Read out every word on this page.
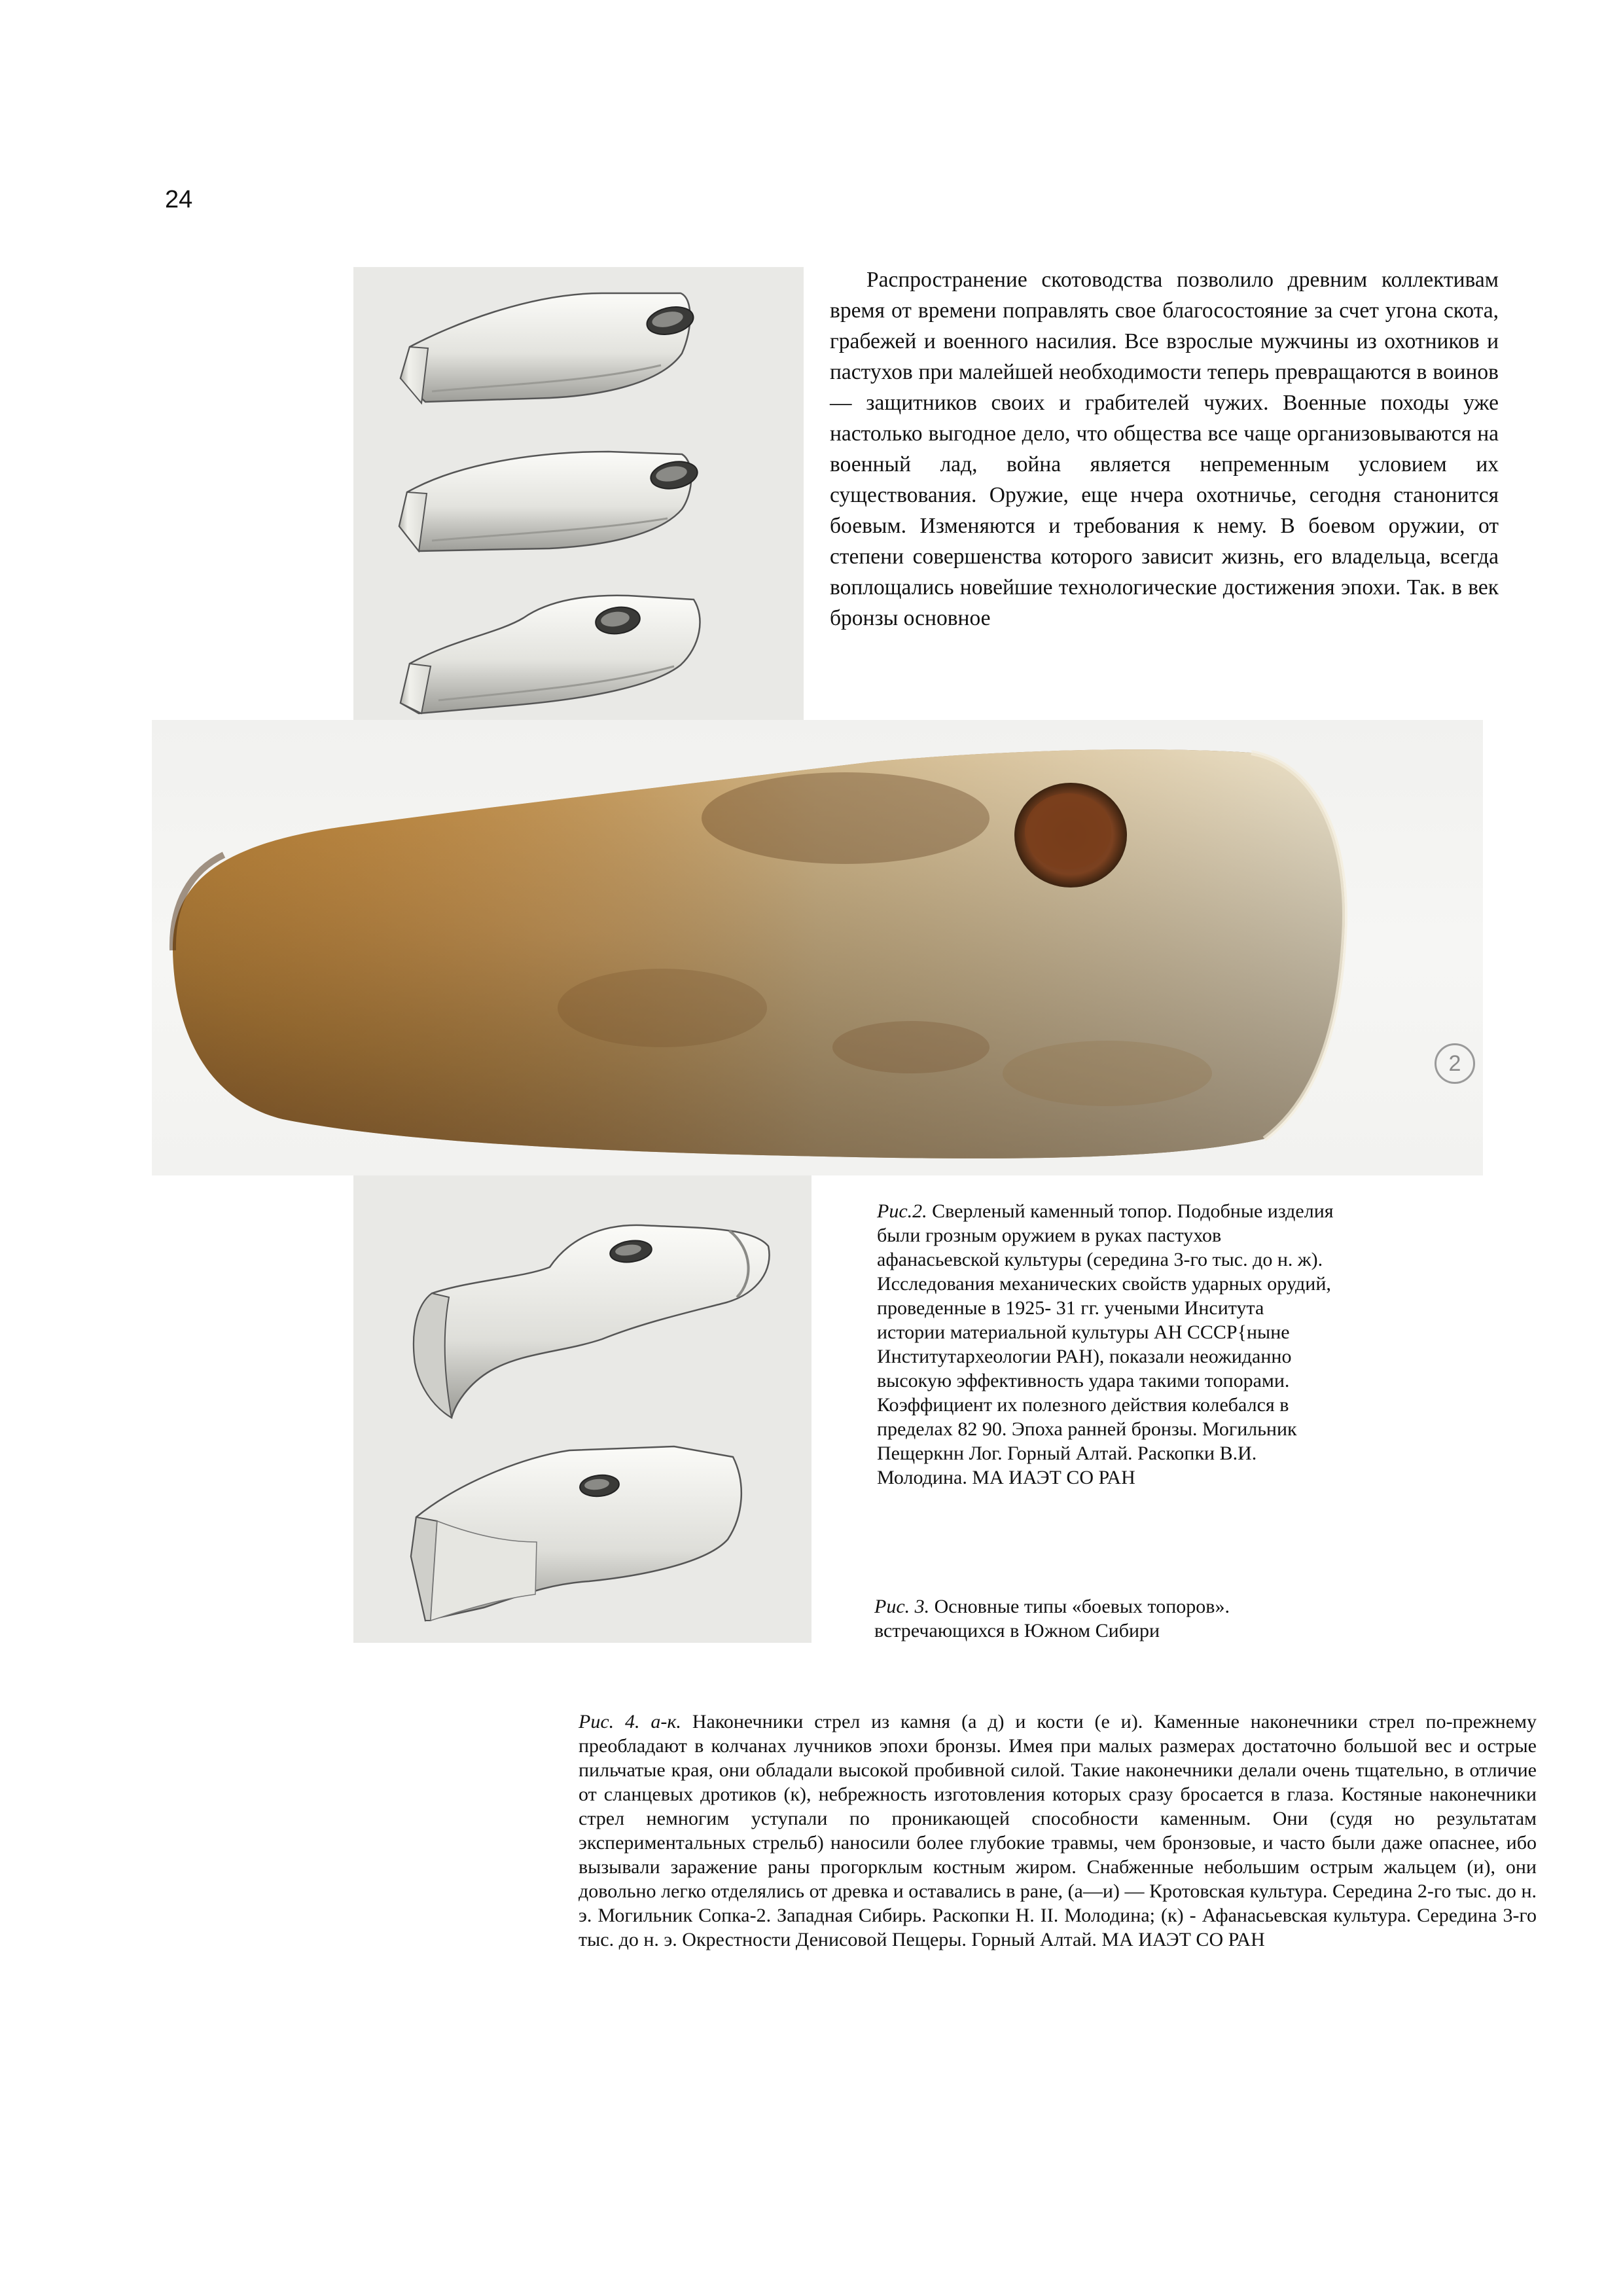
24

Распространение скотоводства позволило древним коллективам время от времени поправлять свое благосостояние за счет угона скота, грабежей и военного насилия. Все взрослые мужчины из охотников и пастухов при малейшей необходимости теперь превращаются в воинов — защитников своих и грабителей чужих. Военные походы уже настолько выгодное дело, что общества все чаще организовываются на военный лад, война является непременным условием их существования. Оружие, еще нчера охотничье, сегодня станонится боевым. Изменяются и требования к нему. В боевом оружии, от степени совершенства которого зависит жизнь, его владельца, всегда воплощались новейшие технологические достижения эпохи. Так. в век бронзы основное

2

Рис.2. Сверленый каменный топор. Подобные изделия были грозным оружием в руках пастухов афанасьевской культуры (середина 3-го тыс. до н. ж). Исследования механических свойств ударных орудий, проведенные в 1925- 31 гг. учеными Инситута истории материальной культуры АН СССР{ныне Институтархеологии РАН), показали неожиданно высокую эффективность удара такими топорами. Коэффициент их полезного действия колебался в пределах 82 90. Эпоха ранней бронзы. Могильник Пещеркнн Лог. Горный Алтай. Раскопки В.И. Молодина. МА ИАЭТ СО РАН

Рис. 3. Основные типы «боевых топоров». встречающихся в Южном Сибири

Рис. 4. а-к. Наконечники стрел из камня (а д) и кости (е и). Каменные наконечники стрел по-прежнему преобладают в колчанах лучников эпохи бронзы. Имея при малых размерах достаточно большой вес и острые пильчатые края, они обладали высокой пробивной силой. Такие наконечники делали очень тщательно, в отличие от сланцевых дротиков (к), небрежность изготовления которых сразу бросается в глаза. Костяные наконечники стрел немногим уступали по проникающей способности каменным. Они (судя но результатам экспериментальных стрельб) наносили более глубокие травмы, чем бронзовые, и часто были даже опаснее, ибо вызывали заражение раны прогорклым костным жиром. Снабженные небольшим острым жальцем (и), они довольно легко отделялись от древка и оставались в ране, (а—и) — Кротовская культура. Середина 2-го тыс. до н. э. Могильник Сопка-2. Западная Сибирь. Раскопки Н. II. Молодина; (к) - Афанасьевская культура. Середина 3-го тыс. до н. э. Окрестности Денисовой Пещеры. Горный Алтай. МА ИАЭТ СО РАН
